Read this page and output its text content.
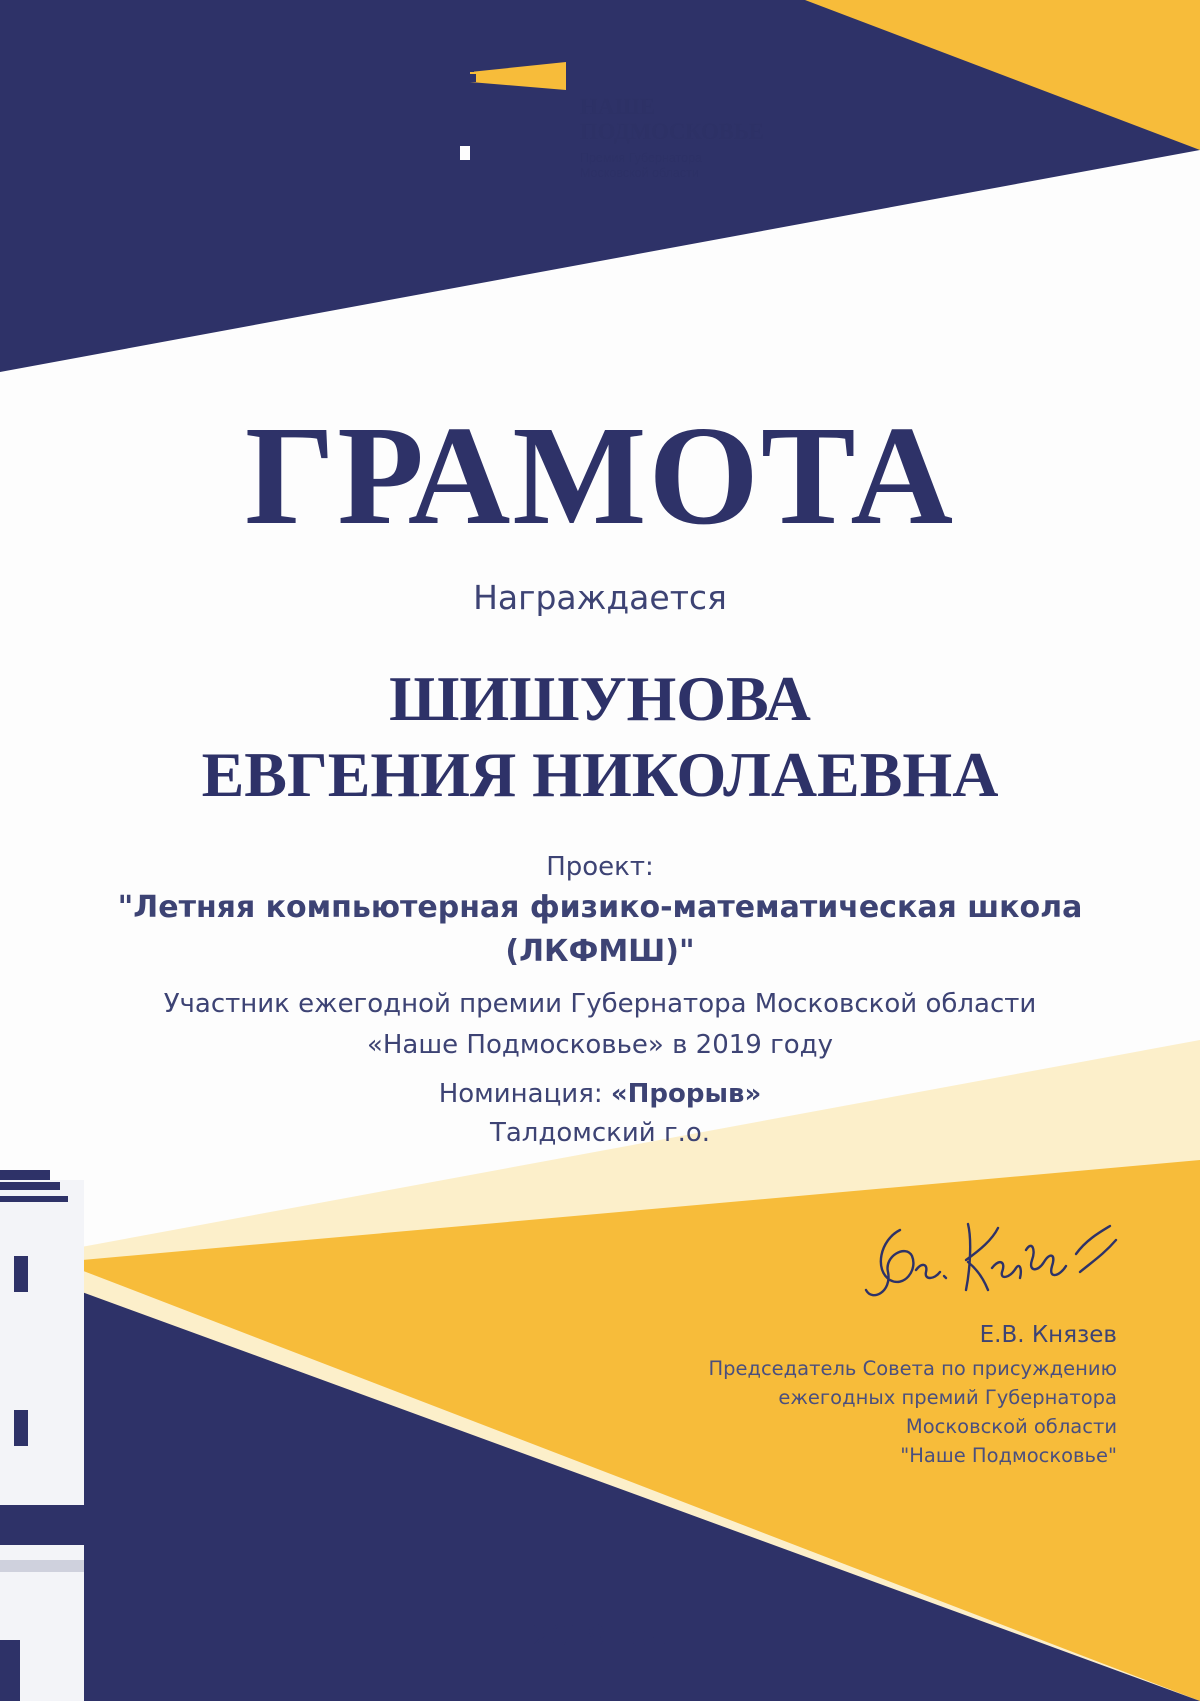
НАШЕ
ПОДМОСКОВЬЕ
Премия Губернатора
Московской области
ГРАМОТА
Награждается
ШИШУНОВА
ЕВГЕНИЯ НИКОЛАЕВНА
Проект:
"Летняя компьютерная физико-математическая школа
(ЛКФМШ)"
Участник ежегодной премии Губернатора Московской области
«Наше Подмосковье» в 2019 году
Номинация: «Прорыв»
Талдомский г.о.
Е.В. Князев
Председатель Совета по присуждению
ежегодных премий Губернатора
Московской области
"Наше Подмосковье"
2019 год
